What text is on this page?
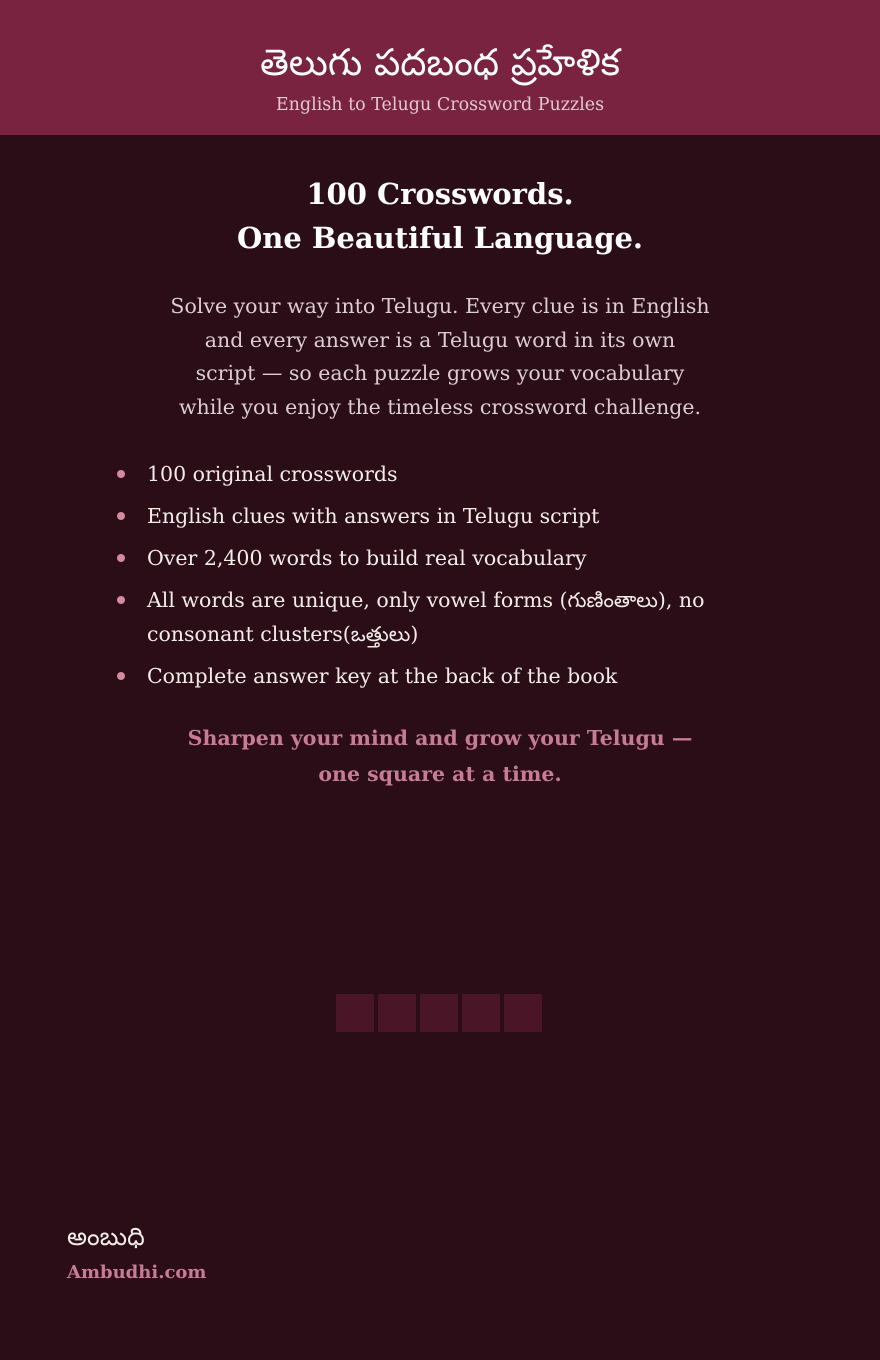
తెలుగు పదబంధ ప్రహేళిక
English to Telugu Crossword Puzzles
100 Crosswords.
One Beautiful Language.
Solve your way into Telugu. Every clue is in English
and every answer is a Telugu word in its own
script — so each puzzle grows your vocabulary
while you enjoy the timeless crossword challenge.
100 original crosswords
English clues with answers in Telugu script
Over 2,400 words to build real vocabulary
All words are unique, only vowel forms (గుణింతాలు), no consonant clusters(ఒత్తులు)
Complete answer key at the back of the book
Sharpen your mind and grow your Telugu —
one square at a time.
అంబుధి
Ambudhi.com
